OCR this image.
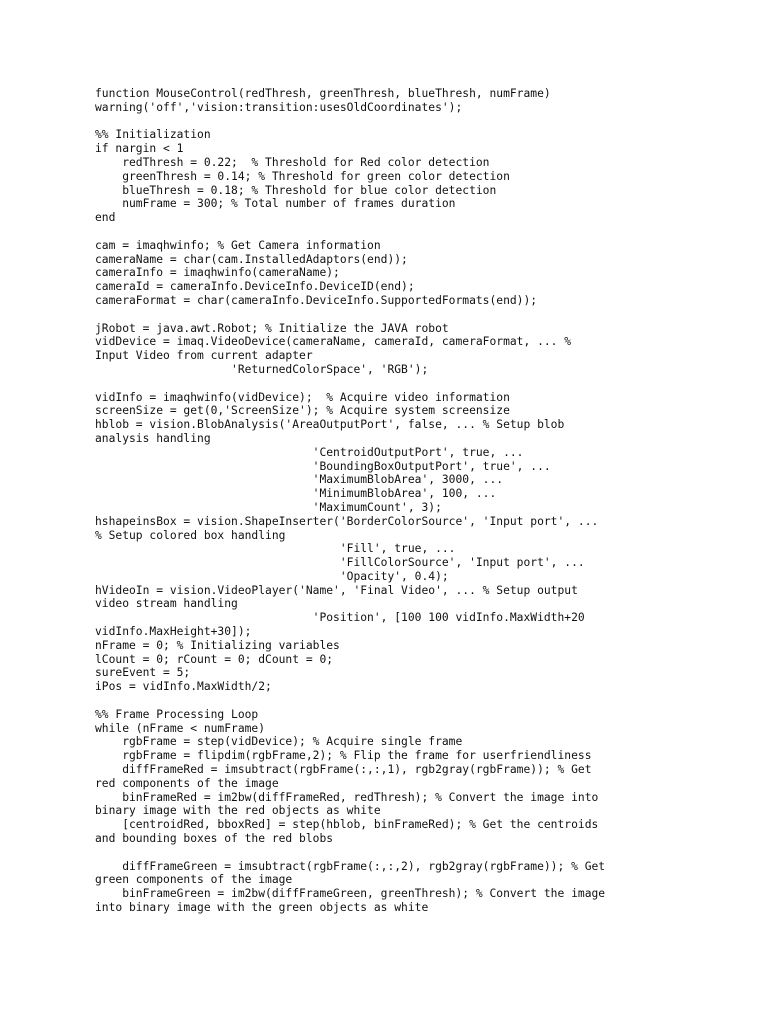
function MouseControl(redThresh, greenThresh, blueThresh, numFrame)
warning('off','vision:transition:usesOldCoordinates');

%% Initialization
if nargin < 1
redThresh = 0.22;  % Threshold for Red color detection
greenThresh = 0.14; % Threshold for green color detection
blueThresh = 0.18; % Threshold for blue color detection
numFrame = 300; % Total number of frames duration
end

cam = imaqhwinfo; % Get Camera information
cameraName = char(cam.InstalledAdaptors(end));
cameraInfo = imaqhwinfo(cameraName);
cameraId = cameraInfo.DeviceInfo.DeviceID(end);
cameraFormat = char(cameraInfo.DeviceInfo.SupportedFormats(end));

jRobot = java.awt.Robot; % Initialize the JAVA robot
vidDevice = imaq.VideoDevice(cameraName, cameraId, cameraFormat, ... %
Input Video from current adapter
'ReturnedColorSpace', 'RGB');

vidInfo = imaqhwinfo(vidDevice);  % Acquire video information
screenSize = get(0,'ScreenSize'); % Acquire system screensize
hblob = vision.BlobAnalysis('AreaOutputPort', false, ... % Setup blob
analysis handling
'CentroidOutputPort', true, ...
'BoundingBoxOutputPort', true', ...
'MaximumBlobArea', 3000, ...
'MinimumBlobArea', 100, ...
'MaximumCount', 3);
hshapeinsBox = vision.ShapeInserter('BorderColorSource', 'Input port', ...
% Setup colored box handling
'Fill', true, ...
'FillColorSource', 'Input port', ...
'Opacity', 0.4);
hVideoIn = vision.VideoPlayer('Name', 'Final Video', ... % Setup output
video stream handling
'Position', [100 100 vidInfo.MaxWidth+20
vidInfo.MaxHeight+30]);
nFrame = 0; % Initializing variables
lCount = 0; rCount = 0; dCount = 0;
sureEvent = 5;
iPos = vidInfo.MaxWidth/2;

%% Frame Processing Loop
while (nFrame < numFrame)
rgbFrame = step(vidDevice); % Acquire single frame
rgbFrame = flipdim(rgbFrame,2); % Flip the frame for userfriendliness
diffFrameRed = imsubtract(rgbFrame(:,:,1), rgb2gray(rgbFrame)); % Get
red components of the image
binFrameRed = im2bw(diffFrameRed, redThresh); % Convert the image into
binary image with the red objects as white
[centroidRed, bboxRed] = step(hblob, binFrameRed); % Get the centroids
and bounding boxes of the red blobs

diffFrameGreen = imsubtract(rgbFrame(:,:,2), rgb2gray(rgbFrame)); % Get
green components of the image
binFrameGreen = im2bw(diffFrameGreen, greenThresh); % Convert the image
into binary image with the green objects as white
